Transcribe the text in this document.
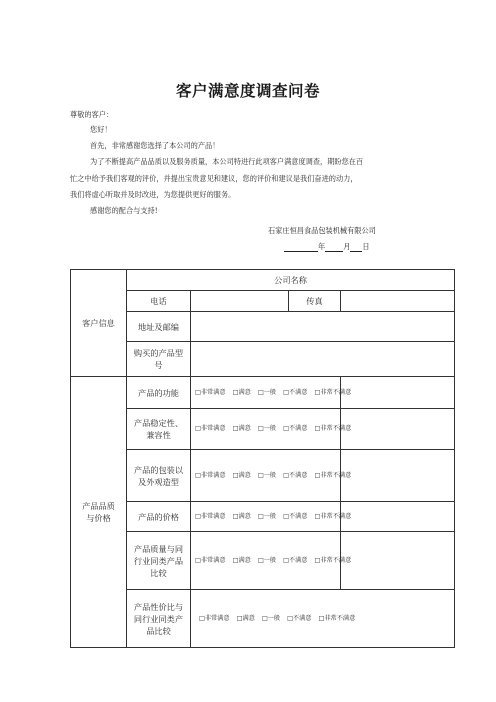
客户满意度调查问卷
尊敬的客户：
您好！
首先，非常感谢您选择了本公司的产品！
为了不断提高产品品质以及服务质量，本公司特进行此项客户满意度调查，期盼您在百
忙之中给予我们客观的评价，并提出宝贵意见和建议，您的评价和建议是我们奋进的动力，
我们将虚心听取并及时改进，为您提供更好的服务。
感谢您的配合与支持!
石家庄恒昌食品包装机械有限公司
年	月 日
客户信息	公司名称			
	电话		传真	
	地址及邮编			
	购买的产品型号			
产品品质与价格	产品的功能	□非常满意 □满意 □一般 □不满意 □非常不满意		
	产品稳定性、兼容性	□非常满意 □满意 □一般 □不满意 □非常不满意		
	产品的包装以及外观造型	□非常满意 □满意 □一般 □不满意 □非常不满意		
	产品的价格	□非常满意 □满意 □一般 □不满意 □非常不满意		
	产品质量与同行业同类产品比较	□非常满意 □满意 □一般 □不满意 □非常不满意		
	产品性价比与同行业同类产品比较	□非常满意 □满意 □一般 □不满意 □非常不满意		
